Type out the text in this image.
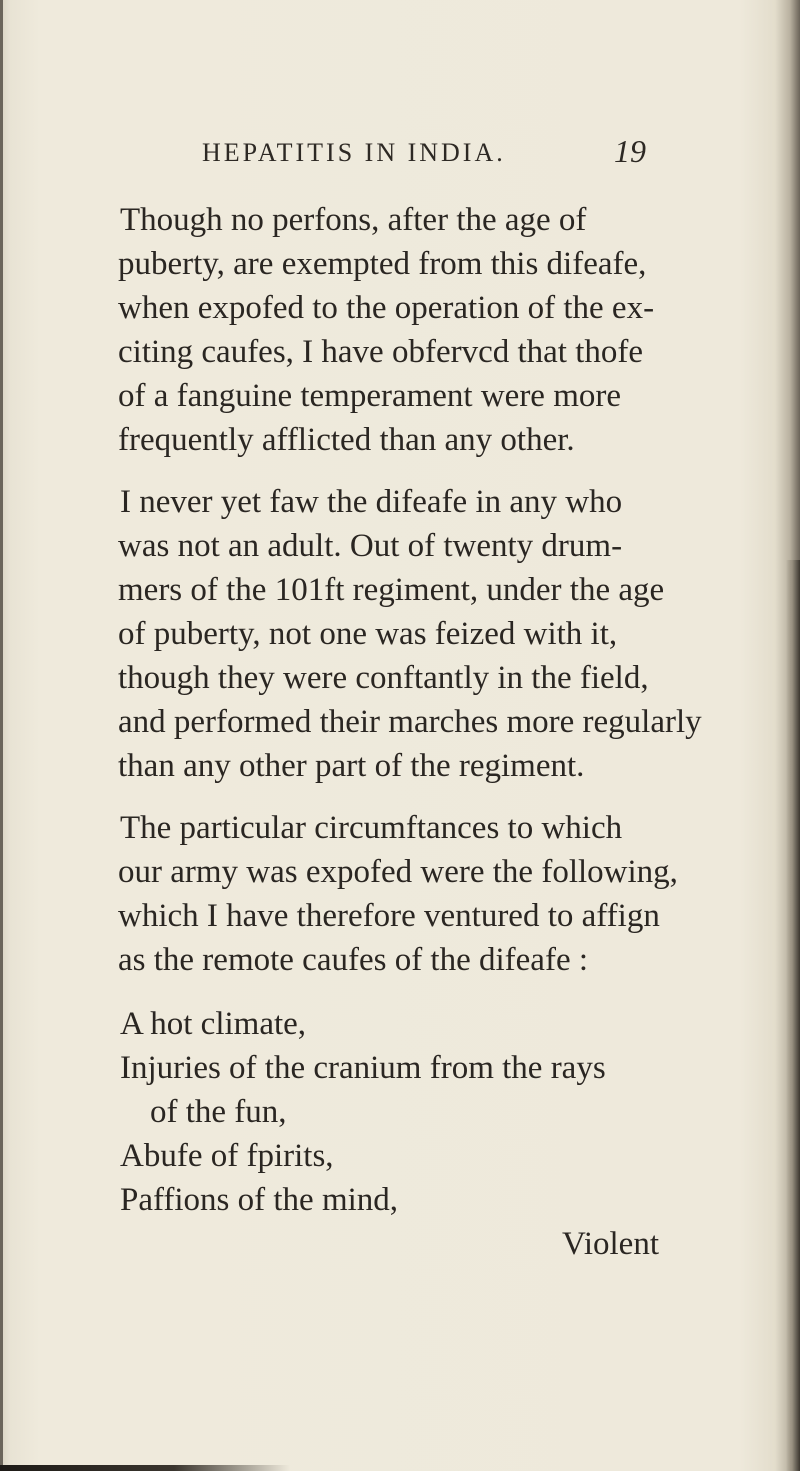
HEPATITIS IN INDIA.	19
Though no perfons, after the age of
puberty, are exempted from this difeafe,
when expofed to the operation of the ex-
citing caufes, I have obfervcd that thofe
of a fanguine temperament were more
frequently afflicted than any other.
I never yet faw the difeafe in any who
was not an adult. Out of twenty drum-
mers of the 101ft regiment, under the age
of puberty, not one was feized with it,
though they were conftantly in the field,
and performed their marches more regularly
than any other part of the regiment.
The particular circumftances to which
our army was expofed were the following,
which I have therefore ventured to affign
as the remote caufes of the difeafe :
A hot climate,
Injuries of the cranium from the rays
of the fun,
Abufe of fpirits,
Paffions of the mind,
Violent
